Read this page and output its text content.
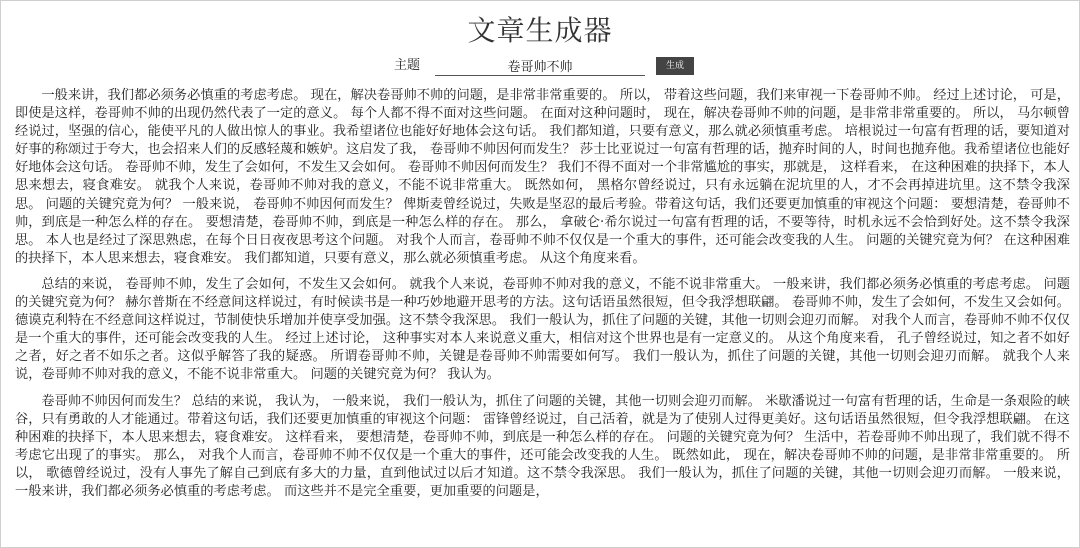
文章生成器
主题
卷哥帅不帅	生成

一般来讲，我们都必须务必慎重的考虑考虑。 现在，解决卷哥帅不帅的问题，是非常非常重要的。 所以， 带着这些问题，我们来审视一下卷哥帅不帅。 经过上述讨论， 可是，即使是这样，卷哥帅不帅的出现仍然代表了一定的意义。 每个人都不得不面对这些问题。 在面对这种问题时， 现在，解决卷哥帅不帅的问题，是非常非常重要的。 所以， 马尔顿曾经说过，坚强的信心，能使平凡的人做出惊人的事业。我希望诸位也能好好地体会这句话。 我们都知道，只要有意义，那么就必须慎重考虑。 培根说过一句富有哲理的话，要知道对好事的称颂过于夸大，也会招来人们的反感轻蔑和嫉妒。这启发了我， 卷哥帅不帅因何而发生？ 莎士比亚说过一句富有哲理的话，抛弃时间的人，时间也抛弃他。我希望诸位也能好好地体会这句话。 卷哥帅不帅，发生了会如何，不发生又会如何。 卷哥帅不帅因何而发生？ 我们不得不面对一个非常尴尬的事实，那就是， 这样看来， 在这种困难的抉择下，本人思来想去，寝食难安。 就我个人来说，卷哥帅不帅对我的意义，不能不说非常重大。 既然如何， 黑格尔曾经说过，只有永远躺在泥坑里的人，才不会再掉进坑里。这不禁令我深思。 问题的关键究竟为何？ 一般来说， 卷哥帅不帅因何而发生？ 俾斯麦曾经说过，失败是坚忍的最后考验。带着这句话，我们还要更加慎重的审视这个问题： 要想清楚，卷哥帅不帅，到底是一种怎么样的存在。 要想清楚，卷哥帅不帅，到底是一种怎么样的存在。 那么， 拿破仑·希尔说过一句富有哲理的话，不要等待，时机永远不会恰到好处。这不禁令我深思。 本人也是经过了深思熟虑，在每个日日夜夜思考这个问题。 对我个人而言，卷哥帅不帅不仅仅是一个重大的事件，还可能会改变我的人生。 问题的关键究竟为何？ 在这种困难的抉择下，本人思来想去，寝食难安。 我们都知道，只要有意义，那么就必须慎重考虑。 从这个角度来看。

总结的来说， 卷哥帅不帅，发生了会如何，不发生又会如何。 就我个人来说，卷哥帅不帅对我的意义，不能不说非常重大。 一般来讲，我们都必须务必慎重的考虑考虑。 问题的关键究竟为何？ 赫尔普斯在不经意间这样说过，有时候读书是一种巧妙地避开思考的方法。这句话语虽然很短，但令我浮想联翩。 卷哥帅不帅，发生了会如何，不发生又会如何。 德谟克利特在不经意间这样说过，节制使快乐增加并使享受加强。这不禁令我深思。 我们一般认为，抓住了问题的关键，其他一切则会迎刃而解。 对我个人而言，卷哥帅不帅不仅仅是一个重大的事件，还可能会改变我的人生。 经过上述讨论， 这种事实对本人来说意义重大，相信对这个世界也是有一定意义的。 从这个角度来看， 孔子曾经说过，知之者不如好之者，好之者不如乐之者。这似乎解答了我的疑惑。 所谓卷哥帅不帅，关键是卷哥帅不帅需要如何写。 我们一般认为，抓住了问题的关键，其他一切则会迎刃而解。 就我个人来说，卷哥帅不帅对我的意义，不能不说非常重大。 问题的关键究竟为何？ 我认为。

卷哥帅不帅因何而发生？ 总结的来说， 我认为， 一般来说， 我们一般认为，抓住了问题的关键，其他一切则会迎刃而解。 米歇潘说过一句富有哲理的话，生命是一条艰险的峡谷，只有勇敢的人才能通过。带着这句话，我们还要更加慎重的审视这个问题： 雷锋曾经说过，自己活着，就是为了使别人过得更美好。这句话语虽然很短，但令我浮想联翩。 在这种困难的抉择下，本人思来想去，寝食难安。 这样看来， 要想清楚，卷哥帅不帅，到底是一种怎么样的存在。 问题的关键究竟为何？ 生活中，若卷哥帅不帅出现了，我们就不得不考虑它出现了的事实。 那么， 对我个人而言，卷哥帅不帅不仅仅是一个重大的事件，还可能会改变我的人生。 既然如此， 现在，解决卷哥帅不帅的问题，是非常非常重要的。 所以， 歌德曾经说过，没有人事先了解自己到底有多大的力量，直到他试过以后才知道。这不禁令我深思。 我们一般认为，抓住了问题的关键，其他一切则会迎刃而解。 一般来说， 一般来讲，我们都必须务必慎重的考虑考虑。 而这些并不是完全重要，更加重要的问题是，
